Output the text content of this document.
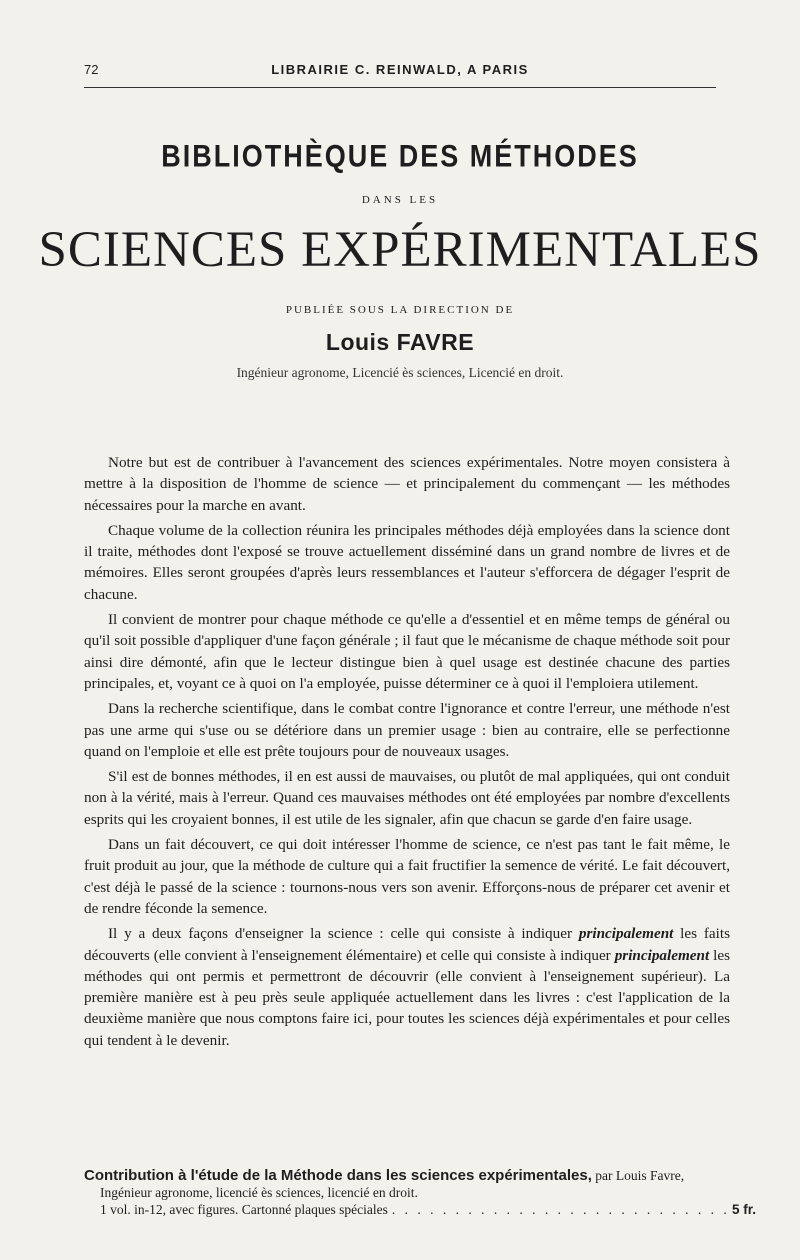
72	LIBRAIRIE C. REINWALD, A PARIS
BIBLIOTHÈQUE DES MÉTHODES
DANS LES
SCIENCES EXPÉRIMENTALES
PUBLIÉE SOUS LA DIRECTION DE
Louis FAVRE
Ingénieur agronome, Licencié ès sciences, Licencié en droit.

Notre but est de contribuer à l'avancement des sciences expérimentales. Notre moyen consistera à mettre à la disposition de l'homme de science — et principalement du commençant — les méthodes nécessaires pour la marche en avant.

Chaque volume de la collection réunira les principales méthodes déjà employées dans la science dont il traite, méthodes dont l'exposé se trouve actuellement disséminé dans un grand nombre de livres et de mémoires. Elles seront groupées d'après leurs ressemblances et l'auteur s'efforcera de dégager l'esprit de chacune.

Il convient de montrer pour chaque méthode ce qu'elle a d'essentiel et en même temps de général ou qu'il soit possible d'appliquer d'une façon générale ; il faut que le mécanisme de chaque méthode soit pour ainsi dire démonté, afin que le lecteur distingue bien à quel usage est destinée chacune des parties principales, et, voyant ce à quoi on l'a employée, puisse déterminer ce à quoi il l'emploiera utilement.

Dans la recherche scientifique, dans le combat contre l'ignorance et contre l'erreur, une méthode n'est pas une arme qui s'use ou se détériore dans un premier usage : bien au contraire, elle se perfectionne quand on l'emploie et elle est prête toujours pour de nouveaux usages.

S'il est de bonnes méthodes, il en est aussi de mauvaises, ou plutôt de mal appliquées, qui ont conduit non à la vérité, mais à l'erreur. Quand ces mauvaises méthodes ont été employées par nombre d'excellents esprits qui les croyaient bonnes, il est utile de les signaler, afin que chacun se garde d'en faire usage.

Dans un fait découvert, ce qui doit intéresser l'homme de science, ce n'est pas tant le fait même, le fruit produit au jour, que la méthode de culture qui a fait fructifier la semence de vérité. Le fait découvert, c'est déjà le passé de la science : tournons-nous vers son avenir. Efforçons-nous de préparer cet avenir et de rendre féconde la semence.

Il y a deux façons d'enseigner la science : celle qui consiste à indiquer principalement les faits découverts (elle convient à l'enseignement élémentaire) et celle qui consiste à indiquer principalement les méthodes qui ont permis et permettront de découvrir (elle convient à l'enseignement supérieur). La première manière est à peu près seule appliquée actuellement dans les livres : c'est l'application de la deuxième manière que nous comptons faire ici, pour toutes les sciences déjà expérimentales et pour celles qui tendent à le devenir.

Contribution à l'étude de la Méthode dans les sciences expérimentales, par Louis Favre,
Ingénieur agronome, licencié ès sciences, licencié en droit.
1 vol. in-12, avec figures. Cartonné plaques spéciales
. . .	5 fr.
